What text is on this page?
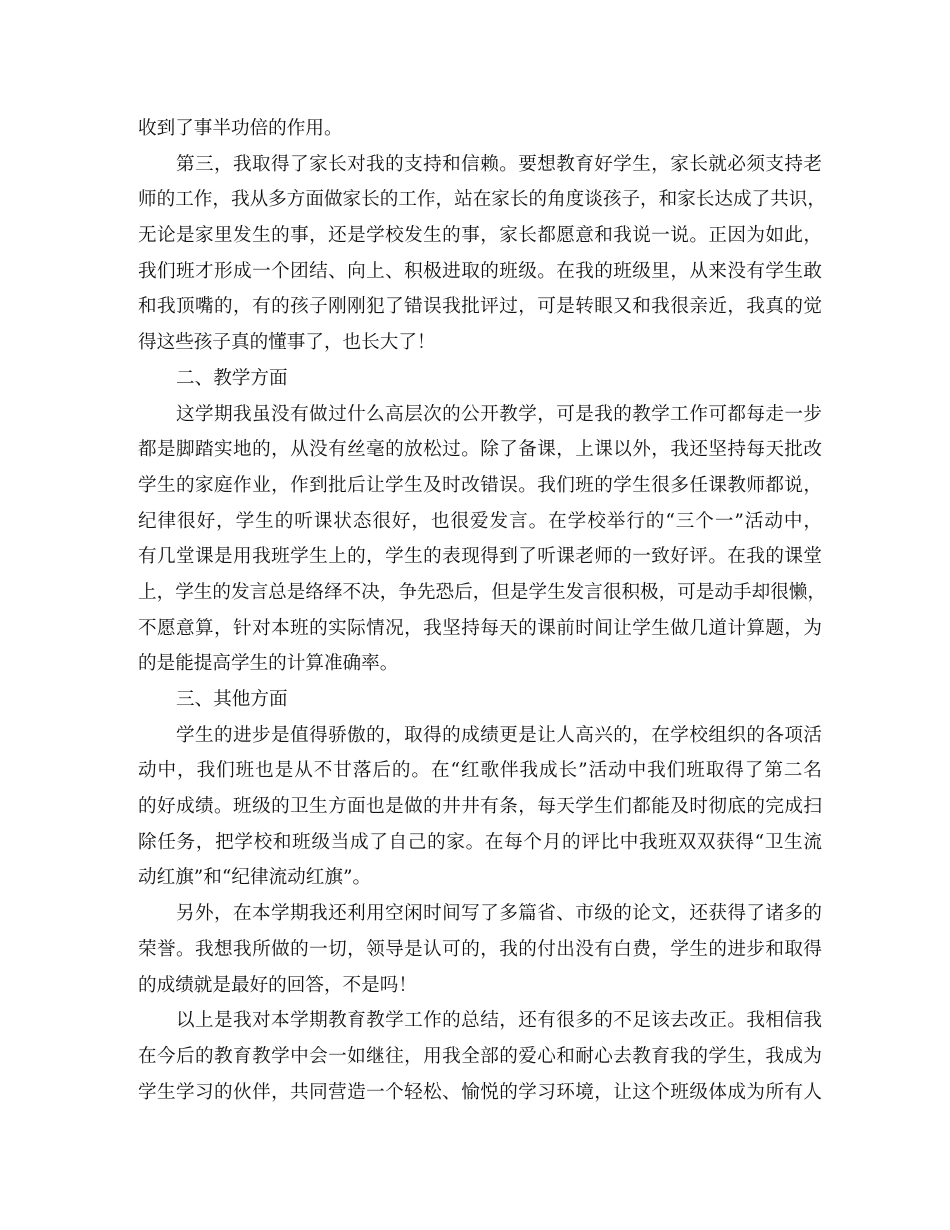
收到了事半功倍的作用。
第三，我取得了家长对我的支持和信赖。要想教育好学生，家长就必须支持老
师的工作，我从多方面做家长的工作，站在家长的角度谈孩子，和家长达成了共识，
无论是家里发生的事，还是学校发生的事，家长都愿意和我说一说。正因为如此，
我们班才形成一个团结、向上、积极进取的班级。在我的班级里，从来没有学生敢
和我顶嘴的，有的孩子刚刚犯了错误我批评过，可是转眼又和我很亲近，我真的觉
得这些孩子真的懂事了，也长大了！
二、教学方面
这学期我虽没有做过什么高层次的公开教学，可是我的教学工作可都每走一步
都是脚踏实地的，从没有丝毫的放松过。除了备课，上课以外，我还坚持每天批改
学生的家庭作业，作到批后让学生及时改错误。我们班的学生很多任课教师都说，
纪律很好，学生的听课状态很好，也很爱发言。在学校举行的“三个一”活动中，
有几堂课是用我班学生上的，学生的表现得到了听课老师的一致好评。在我的课堂
上，学生的发言总是络绎不决，争先恐后，但是学生发言很积极，可是动手却很懒，
不愿意算，针对本班的实际情况，我坚持每天的课前时间让学生做几道计算题，为
的是能提高学生的计算准确率。
三、其他方面
学生的进步是值得骄傲的，取得的成绩更是让人高兴的，在学校组织的各项活
动中，我们班也是从不甘落后的。在“红歌伴我成长”活动中我们班取得了第二名
的好成绩。班级的卫生方面也是做的井井有条，每天学生们都能及时彻底的完成扫
除任务，把学校和班级当成了自己的家。在每个月的评比中我班双双获得“卫生流
动红旗”和“纪律流动红旗”。
另外，在本学期我还利用空闲时间写了多篇省、市级的论文，还获得了诸多的
荣誉。我想我所做的一切，领导是认可的，我的付出没有白费，学生的进步和取得
的成绩就是最好的回答，不是吗！
以上是我对本学期教育教学工作的总结，还有很多的不足该去改正。我相信我
在今后的教育教学中会一如继往，用我全部的爱心和耐心去教育我的学生，我成为
学生学习的伙伴，共同营造一个轻松、愉悦的学习环境，让这个班级体成为所有人
